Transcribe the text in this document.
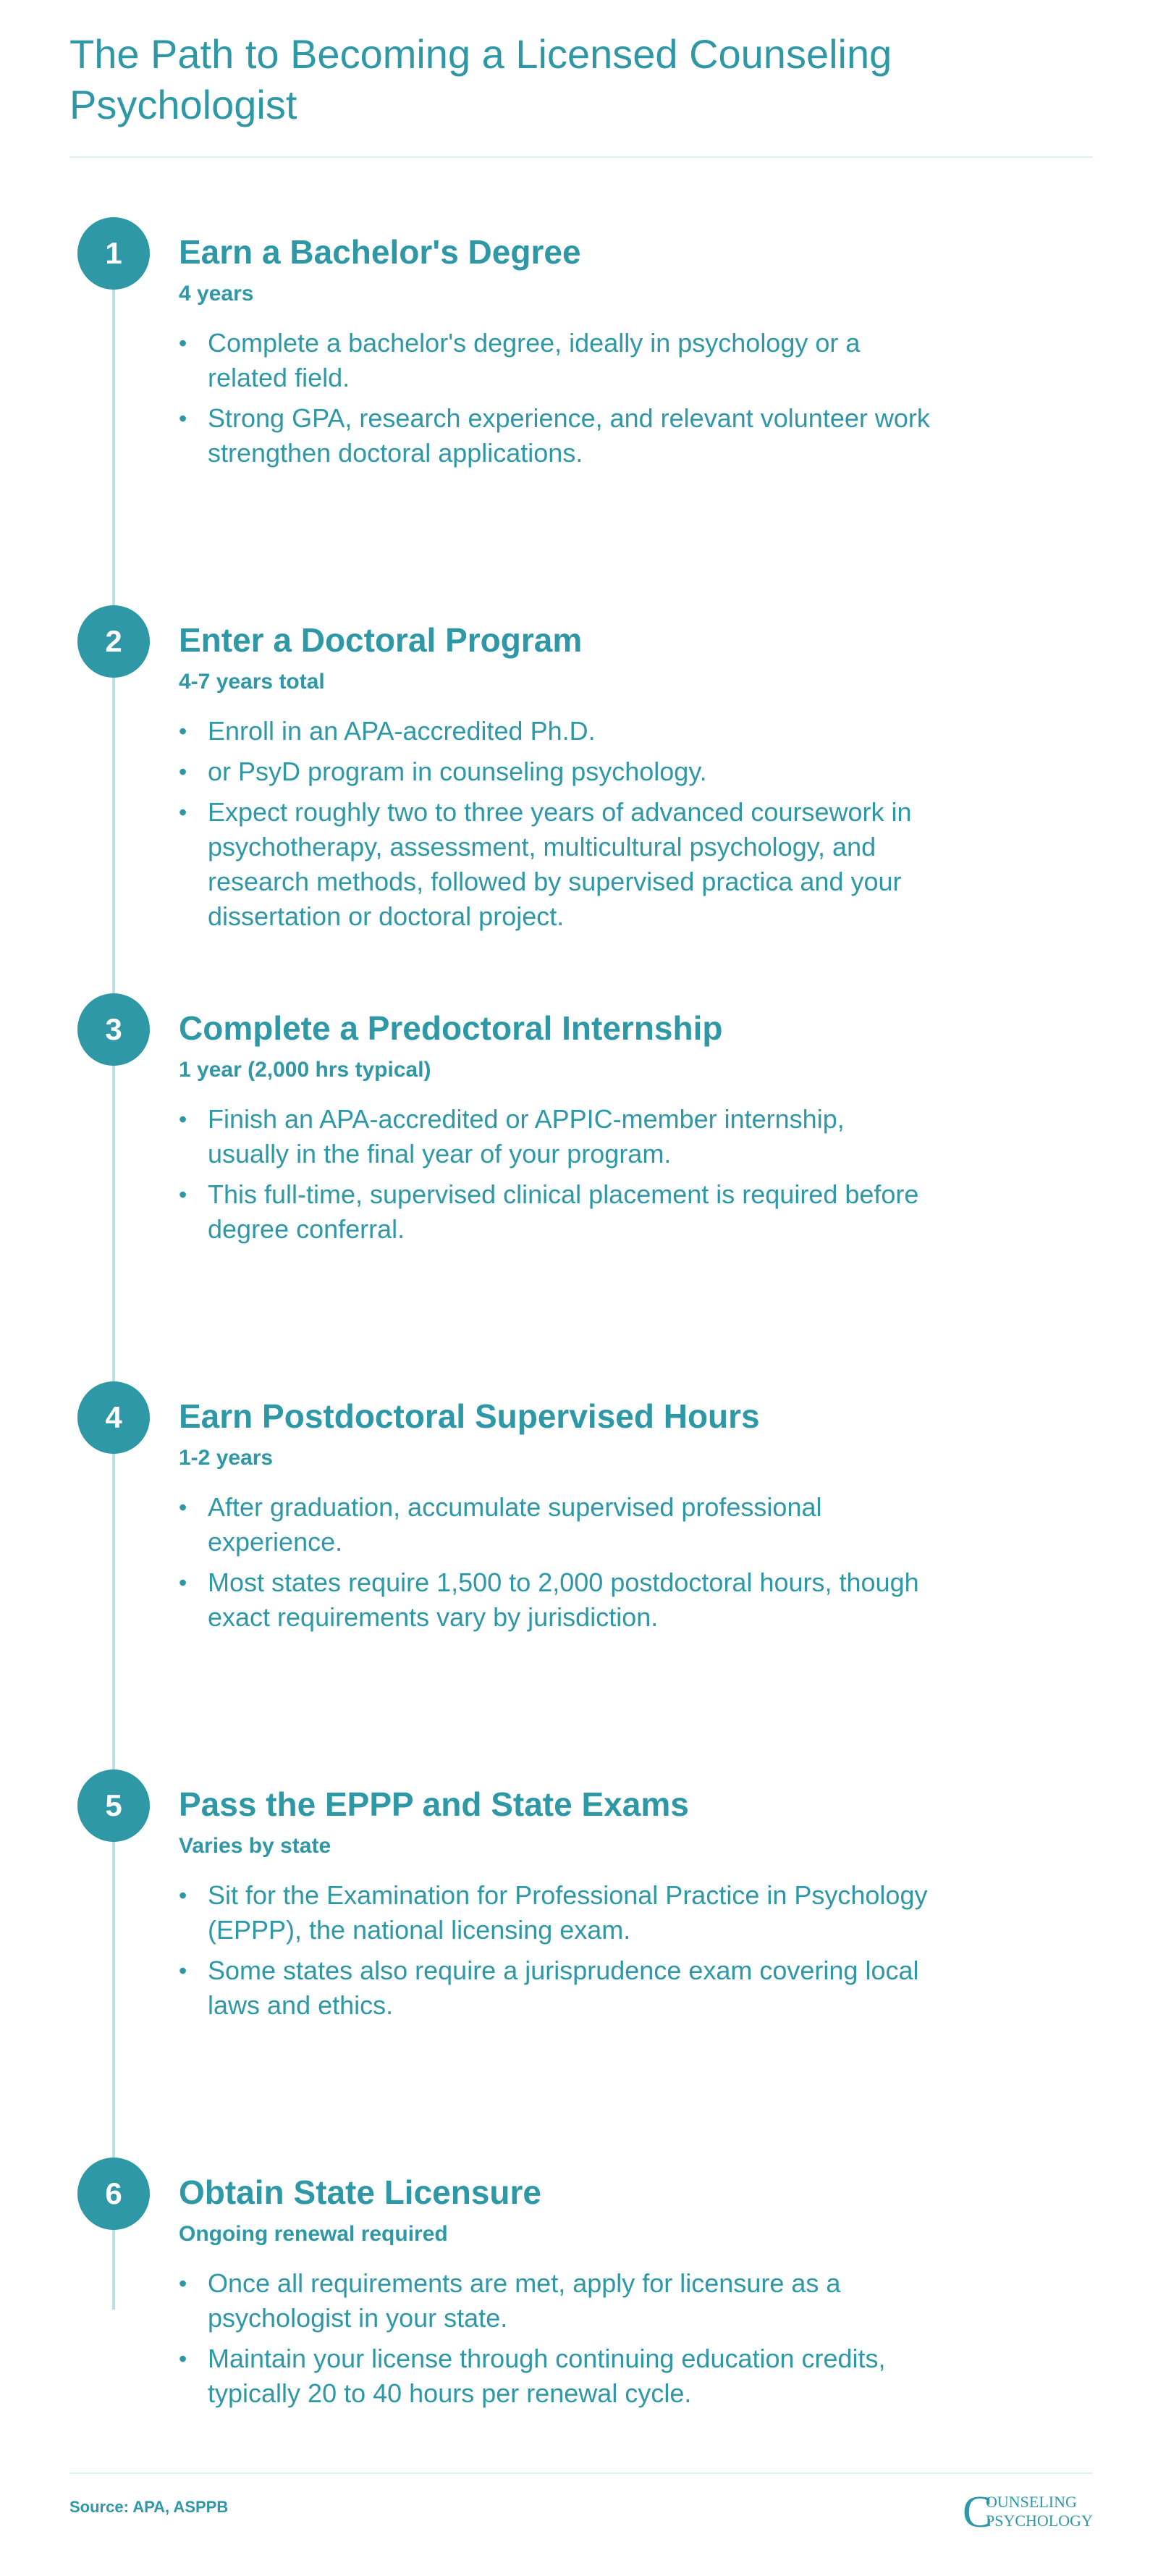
The Path to Becoming a Licensed Counseling Psychologist
1	Earn a Bachelor's Degree
4 years
• Complete a bachelor's degree, ideally in psychology or a related field.
• Strong GPA, research experience, and relevant volunteer work strengthen doctoral applications.
2	Enter a Doctoral Program
4-7 years total
• Enroll in an APA-accredited Ph.D.
• or PsyD program in counseling psychology.
• Expect roughly two to three years of advanced coursework in psychotherapy, assessment, multicultural psychology, and research methods, followed by supervised practica and your dissertation or doctoral project.
3	Complete a Predoctoral Internship
1 year (2,000 hrs typical)
• Finish an APA-accredited or APPIC-member internship, usually in the final year of your program.
• This full-time, supervised clinical placement is required before degree conferral.
4	Earn Postdoctoral Supervised Hours
1-2 years
• After graduation, accumulate supervised professional experience.
• Most states require 1,500 to 2,000 postdoctoral hours, though exact requirements vary by jurisdiction.
5	Pass the EPPP and State Exams
Varies by state
• Sit for the Examination for Professional Practice in Psychology (EPPP), the national licensing exam.
• Some states also require a jurisprudence exam covering local laws and ethics.
6	Obtain State Licensure
Ongoing renewal required
• Once all requirements are met, apply for licensure as a psychologist in your state.
• Maintain your license through continuing education credits, typically 20 to 40 hours per renewal cycle.
Source: APA, ASPPB	C
OUNSELING
PSYCHOLOGY
